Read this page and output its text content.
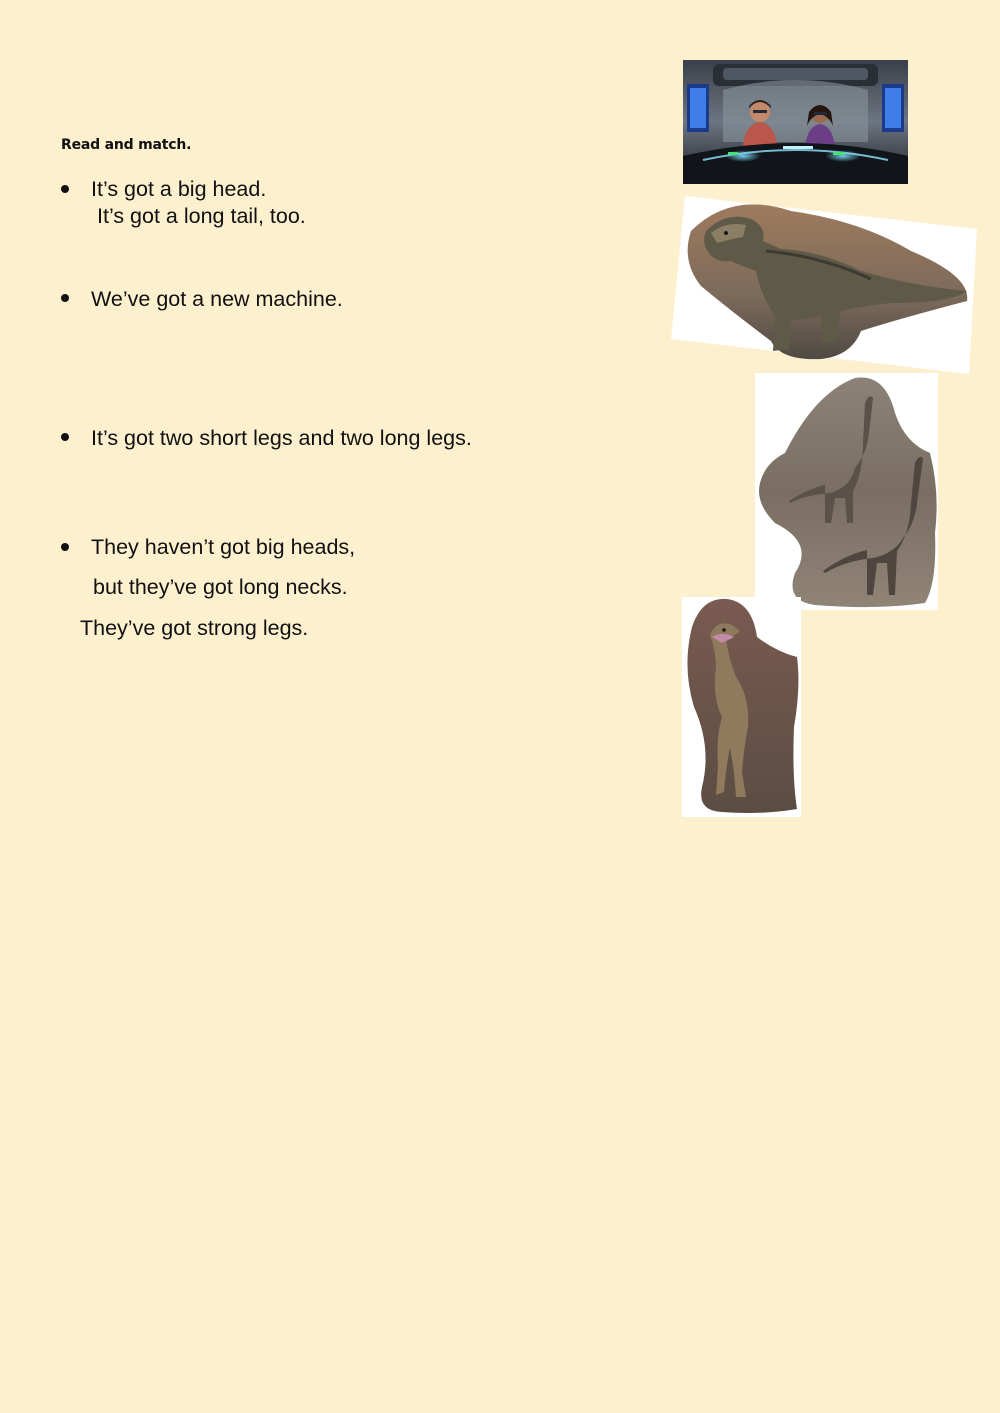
Read and match.

It’s got a big head.

It’s got a long tail, too.

We’ve got a new machine.

It’s got two short legs and two long legs.

They haven’t got big heads,

but they’ve got long necks.

They’ve got strong legs.
